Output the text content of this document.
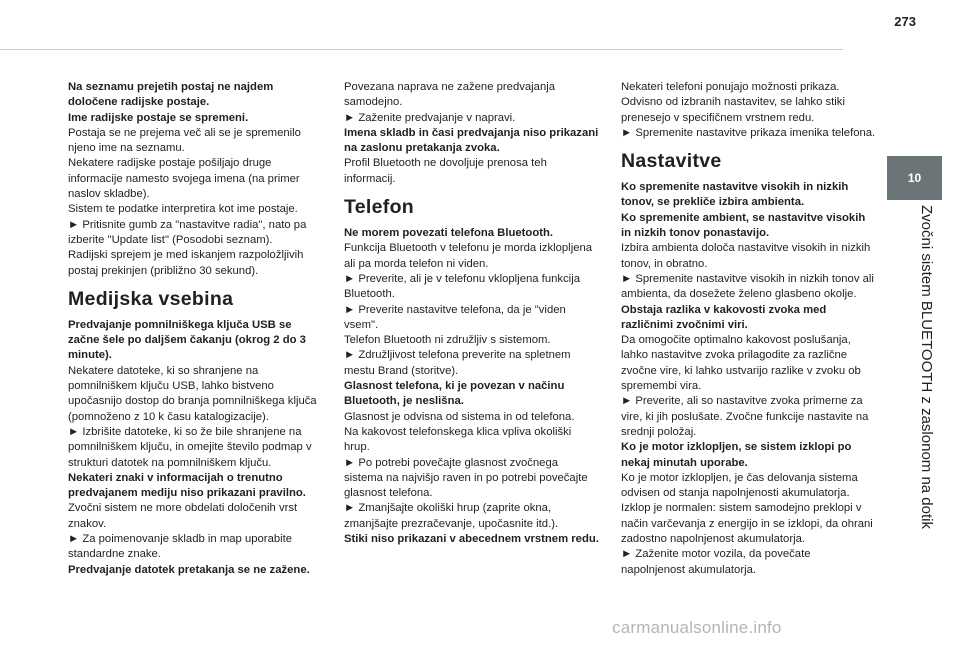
273
10
Zvočni sistem BLUETOOTH z zaslonom na dotik

Na seznamu prejetih postaj ne najdem določene radijske postaje.

Ime radijske postaje se spremeni.

Postaja se ne prejema več ali se je spremenilo njeno ime na seznamu.

Nekatere radijske postaje pošiljajo druge informacije namesto svojega imena (na primer naslov skladbe).

Sistem te podatke interpretira kot ime postaje.

► Pritisnite gumb za "nastavitve radia", nato pa izberite "Update list" (Posodobi seznam).

Radijski sprejem je med iskanjem razpoložljivih postaj prekinjen (približno 30 sekund).

Medijska vsebina

Predvajanje pomnilniškega ključa USB se začne šele po daljšem čakanju (okrog 2 do 3 minute).

Nekatere datoteke, ki so shranjene na pomnilniškem ključu USB, lahko bistveno upočasnijo dostop do branja pomnilniškega ključa (pomnoženo z 10 k času katalogizacije).

► Izbrišite datoteke, ki so že bile shranjene na pomnilniškem ključu, in omejite število podmap v strukturi datotek na pomnilniškem ključu.

Nekateri znaki v informacijah o trenutno predvajanem mediju niso prikazani pravilno.

Zvočni sistem ne more obdelati določenih vrst znakov.

► Za poimenovanje skladb in map uporabite standardne znake.

Predvajanje datotek pretakanja se ne zažene.

Povezana naprava ne zažene predvajanja samodejno.

► Zaženite predvajanje v napravi.

Imena skladb in časi predvajanja niso prikazani na zaslonu pretakanja zvoka.

Profil Bluetooth ne dovoljuje prenosa teh informacij.

Telefon

Ne morem povezati telefona Bluetooth.

Funkcija Bluetooth v telefonu je morda izklopljena ali pa morda telefon ni viden.

► Preverite, ali je v telefonu vklopljena funkcija Bluetooth.

► Preverite nastavitve telefona, da je "viden vsem".

Telefon Bluetooth ni združljiv s sistemom.

► Združljivost telefona preverite na spletnem mestu Brand (storitve).

Glasnost telefona, ki je povezan v načinu Bluetooth, je neslišna.

Glasnost je odvisna od sistema in od telefona.

Na kakovost telefonskega klica vpliva okoliški hrup.

► Po potrebi povečajte glasnost zvočnega sistema na najvišjo raven in po potrebi povečajte glasnost telefona.

► Zmanjšajte okoliški hrup (zaprite okna, zmanjšajte prezračevanje, upočasnite itd.).

Stiki niso prikazani v abecednem vrstnem redu.

Nekateri telefoni ponujajo možnosti prikaza.

Odvisno od izbranih nastavitev, se lahko stiki prenesejo v specifičnem vrstnem redu.

► Spremenite nastavitve prikaza imenika telefona.

Nastavitve

Ko spremenite nastavitve visokih in nizkih tonov, se prekliče izbira ambienta.

Ko spremenite ambient, se nastavitve visokih in nizkih tonov ponastavijo.

Izbira ambienta določa nastavitve visokih in nizkih tonov, in obratno.

► Spremenite nastavitve visokih in nizkih tonov ali ambienta, da dosežete želeno glasbeno okolje.

Obstaja razlika v kakovosti zvoka med različnimi zvočnimi viri.

Da omogočite optimalno kakovost poslušanja, lahko nastavitve zvoka prilagodite za različne zvočne vire, ki lahko ustvarijo razlike v zvoku ob spremembi vira.

► Preverite, ali so nastavitve zvoka primerne za vire, ki jih poslušate. Zvočne funkcije nastavite na srednji položaj.

Ko je motor izklopljen, se sistem izklopi po nekaj minutah uporabe.

Ko je motor izklopljen, je čas delovanja sistema odvisen od stanja napolnjenosti akumulatorja.

Izklop je normalen: sistem samodejno preklopi v način varčevanja z energijo in se izklopi, da ohrani zadostno napolnjenost akumulatorja.

► Zaženite motor vozila, da povečate napolnjenost akumulatorja.

carmanualsonline.info
